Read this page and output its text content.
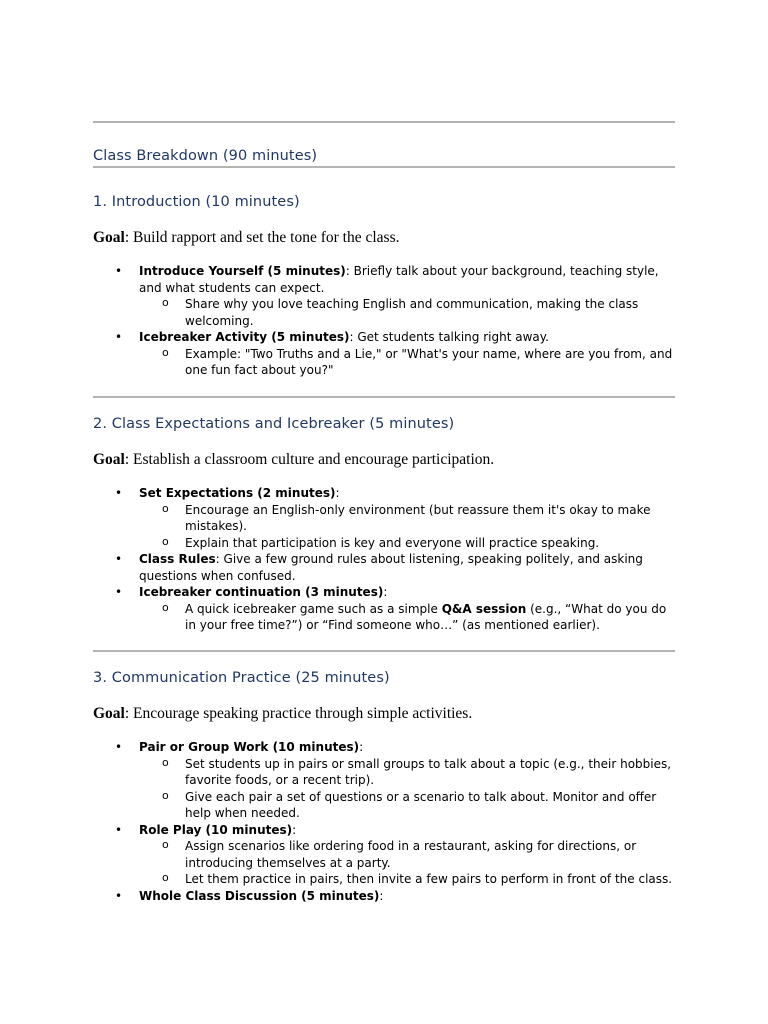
Class Breakdown (90 minutes)
1. Introduction (10 minutes)
Goal: Build rapport and set the tone for the class.
• Introduce Yourself (5 minutes): Briefly talk about your background, teaching style, and what students can expect.
o Share why you love teaching English and communication, making the class welcoming.
• Icebreaker Activity (5 minutes): Get students talking right away.
o Example: "Two Truths and a Lie," or "What's your name, where are you from, and one fun fact about you?"
2. Class Expectations and Icebreaker (5 minutes)
Goal: Establish a classroom culture and encourage participation.
• Set Expectations (2 minutes):
o Encourage an English-only environment (but reassure them it's okay to make mistakes).
o Explain that participation is key and everyone will practice speaking.
• Class Rules: Give a few ground rules about listening, speaking politely, and asking questions when confused.
• Icebreaker continuation (3 minutes):
o A quick icebreaker game such as a simple Q&A session (e.g., “What do you do in your free time?”) or “Find someone who…” (as mentioned earlier).
3. Communication Practice (25 minutes)
Goal: Encourage speaking practice through simple activities.
• Pair or Group Work (10 minutes):
o Set students up in pairs or small groups to talk about a topic (e.g., their hobbies, favorite foods, or a recent trip).
o Give each pair a set of questions or a scenario to talk about. Monitor and offer help when needed.
• Role Play (10 minutes):
o Assign scenarios like ordering food in a restaurant, asking for directions, or introducing themselves at a party.
o Let them practice in pairs, then invite a few pairs to perform in front of the class.
• Whole Class Discussion (5 minutes):
